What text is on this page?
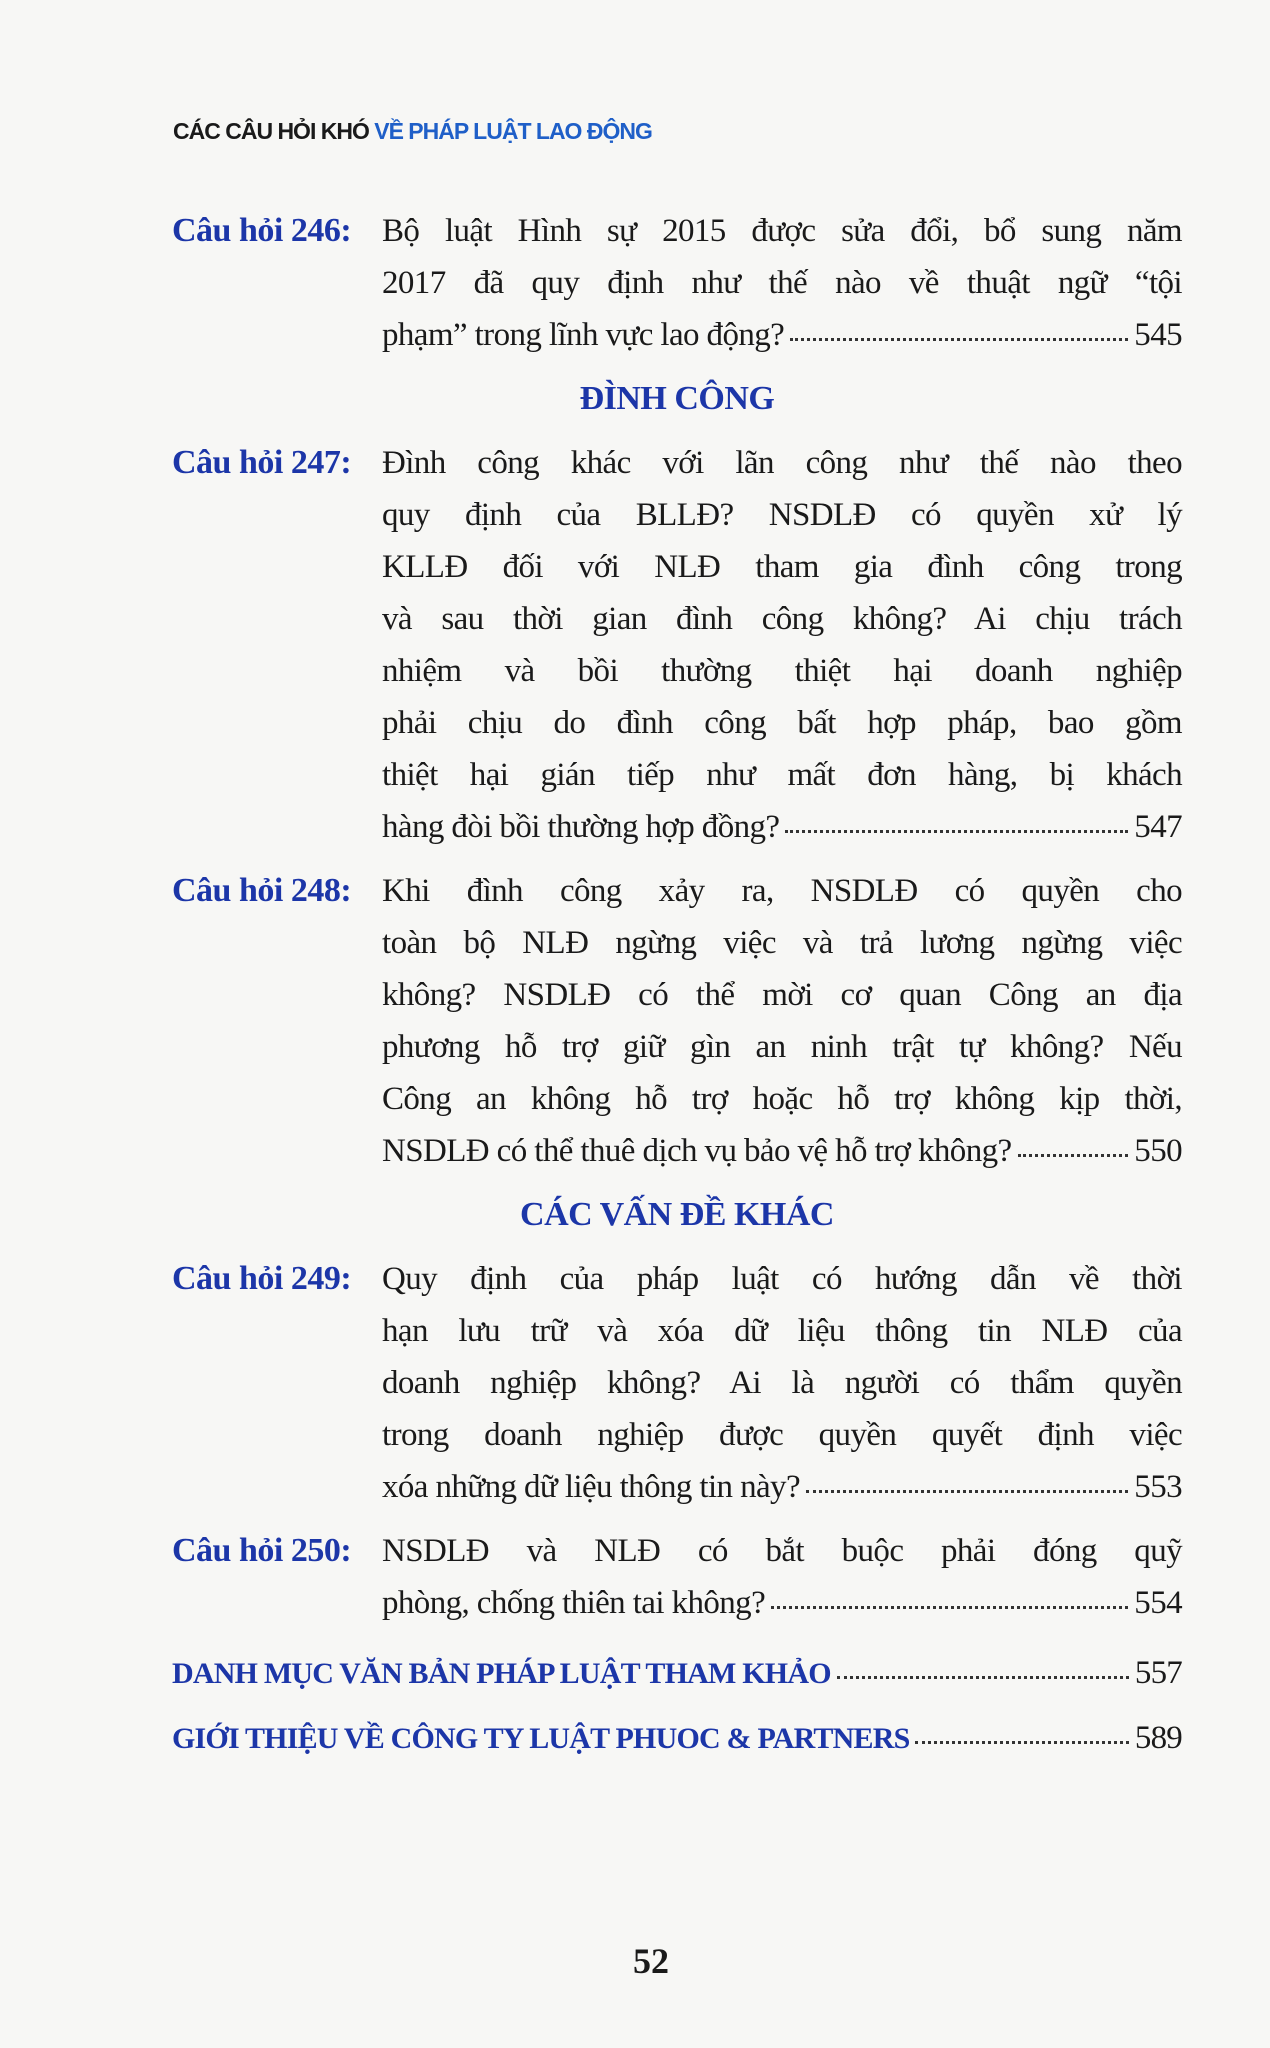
CÁC CÂU HỎI KHÓ VỀ PHÁP LUẬT LAO ĐỘNG
Câu hỏi 246: Bộ luật Hình sự 2015 được sửa đổi, bổ sung năm
2017 đã quy định như thế nào về thuật ngữ “tội
phạm” trong lĩnh vực lao động?	545
ĐÌNH CÔNG
Câu hỏi 247: Đình công khác với lãn công như thế nào theo
quy định của BLLĐ? NSDLĐ có quyền xử lý
KLLĐ đối với NLĐ tham gia đình công trong
và sau thời gian đình công không? Ai chịu trách
nhiệm và bồi thường thiệt hại doanh nghiệp
phải chịu do đình công bất hợp pháp, bao gồm
thiệt hại gián tiếp như mất đơn hàng, bị khách
hàng đòi bồi thường hợp đồng?	547
Câu hỏi 248: Khi đình công xảy ra, NSDLĐ có quyền cho
toàn bộ NLĐ ngừng việc và trả lương ngừng việc
không? NSDLĐ có thể mời cơ quan Công an địa
phương hỗ trợ giữ gìn an ninh trật tự không? Nếu
Công an không hỗ trợ hoặc hỗ trợ không kịp thời,
NSDLĐ có thể thuê dịch vụ bảo vệ hỗ trợ không?	550
CÁC VẤN ĐỀ KHÁC
Câu hỏi 249: Quy định của pháp luật có hướng dẫn về thời
hạn lưu trữ và xóa dữ liệu thông tin NLĐ của
doanh nghiệp không? Ai là người có thẩm quyền
trong doanh nghiệp được quyền quyết định việc
xóa những dữ liệu thông tin này?	553
Câu hỏi 250: NSDLĐ và NLĐ có bắt buộc phải đóng quỹ
phòng, chống thiên tai không?	554
DANH MỤC VĂN BẢN PHÁP LUẬT THAM KHẢO	557
GIỚI THIỆU VỀ CÔNG TY LUẬT PHUOC & PARTNERS	589
52
